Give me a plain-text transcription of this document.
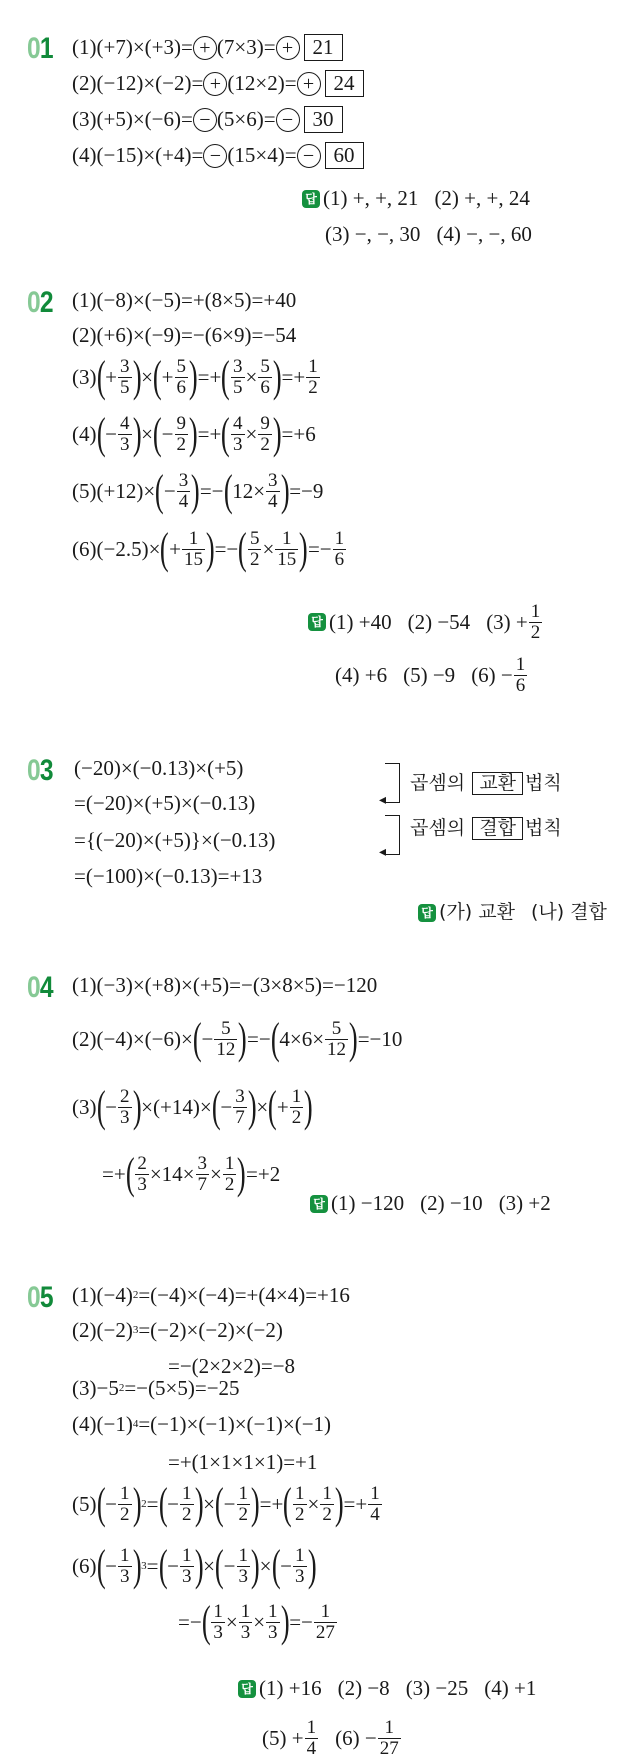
01 (1) (+7)×(+3)= + (7×3)= + 21
(2) (−12)×(−2)= + (12×2)= + 24
(3) (+5)×(−6)= − (5×6)= − 30
(4) (−15)×(+4)= − (15×4)= − 60
답 (1) +, +, 21 (2) +, +, 24
(3) −, −, 30 (4) −, −, 60
02 (1)(−8)×(−5)=+(8×5)=+40
(2) (+6)×(−9)=−(6×9)=−54
(3) ( + $\frac{3}{5}$ ) × ( + $\frac{5}{6}$ ) =+ ( $\frac{3}{5} \times \frac{5}{6}$ ) =+ $\frac{1}{2}$
(4) ( − $\frac{4}{3}$ ) × ( − $\frac{9}{2}$ ) =+ ( $\frac{4}{3} \times \frac{9}{2}$ ) =+ 6
(5) (+ 12 )× ( − $\frac{3}{4}$ ) =− ( $12 \times \frac{3}{4}$ ) =− 9
(6) (−2.5)× ( + $\frac{1}{15}$ ) =− ( $\frac{5}{2} \times \frac{1}{15}$ ) =− $\frac{1}{6}$
답 (1) +40 (2) −54 $(3) + \frac{1}{2}$
(4) +6 (5) −9 $(6) - \frac{1}{6}$
03 (−20)×(−0.13)×(+5)
=(−20)×(+5)×(−0.13)
={(−20)×(+5)}×(−0.13)
=(−100)×(−0.13)=+13
◂
◂
곱셈의
교환 법칙
곱셈의
결합 법칙
답 (가) 교환 (나) 결합
04 (1) (−3)×(+8)×(+5)=−(3×8×5)=−120
(2) (−4)×(−6)× ( − $\frac{5}{12}$ ) =− ( $4\times 6\times \frac{5}{12}$ ) =−10
(3) ( − $\frac{2}{3}$ ) ×(+14)× ( − $\frac{3}{7}$ ) × ( + $\frac{1}{2}$ )
=+ ( $\frac{2}{3} \times 14\times \frac{3}{7} \times \frac{1}{2}$ ) =+2
답 (1) −120 (2) −10 (3) +2
05 (1) (−4) 2 =(−4)×(−4)=+(4×4)=+16
(2) (−2) 3 =(−2)×(−2)×(−2)
=−(2×2×2)=−8
(3) −5 2 =−(5×5)=−25
(4) (−1) 4 =(−1)×(−1)×(−1)×(−1)
=+(1×1×1×1)=+1
(5) ( − $\frac{1}{2}$ ) 2 = ( − $\frac{1}{2}$ ) × ( − $\frac{1}{2}$ ) =+ ( $\frac{1}{2} \times \frac{1}{2}$ ) =+ $\frac{1}{4}$
(6) ( − $\frac{1}{3}$ ) 3 = ( − $\frac{1}{3}$ ) × ( − $\frac{1}{3}$ ) × ( − $\frac{1}{3}$ )
=− ( $\frac{1}{3} \times \frac{1}{3} \times \frac{1}{3}$ ) =− $\frac{1}{27}$
답 (1) +16 (2) −8 (3) −25 (4) +1
$(5) + \frac{1}{4} (6) - \frac{1}{27}$
